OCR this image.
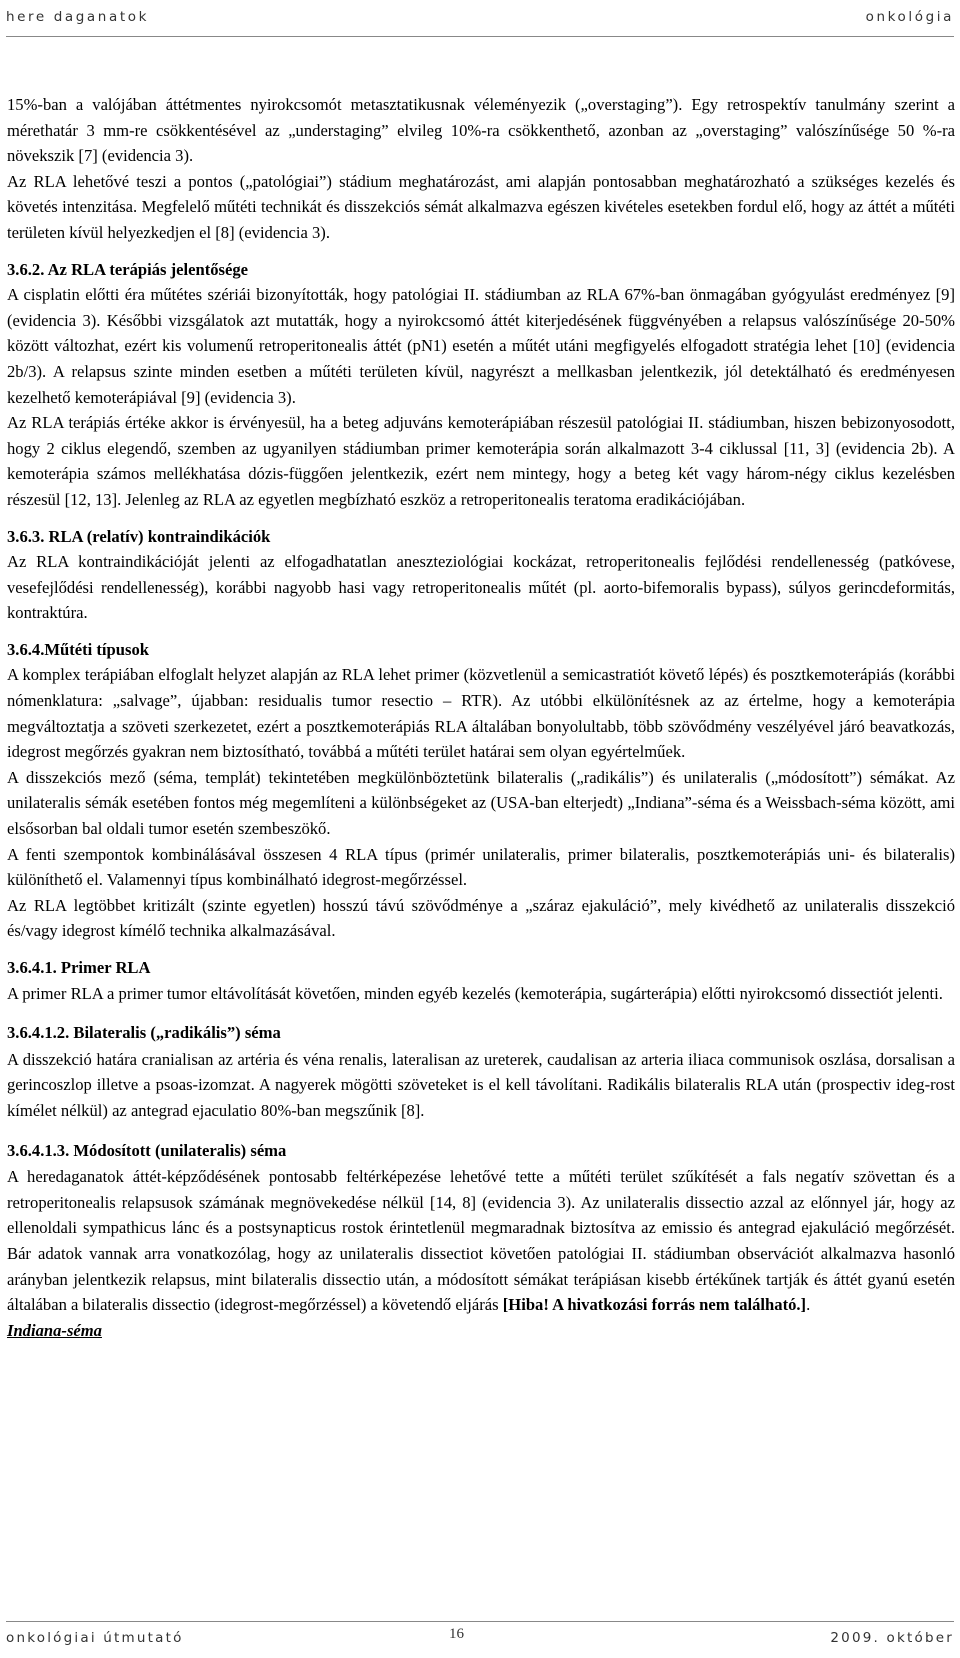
here daganatok	onkológia

15%-ban a valójában áttétmentes nyirokcsomót metasztatikusnak véleményezik („overstaging”). Egy retrospektív tanulmány szerint a mérethatár 3 mm-re csökkentésével az „understaging” elvileg 10%-ra csökkenthető, azonban az „overstaging” valószínűsége 50 %-ra növekszik [7] (evidencia 3).

Az RLA lehetővé teszi a pontos („patológiai”) stádium meghatározást, ami alapján pontosabban meghatározható a szükséges kezelés és követés intenzitása. Megfelelő műtéti technikát és disszekciós sémát alkalmazva egészen kivételes esetekben fordul elő, hogy az áttét a műtéti területen kívül helyezkedjen el [8] (evidencia 3).

3.6.2. Az RLA terápiás jelentősége

A cisplatin előtti éra műtétes szériái bizonyították, hogy patológiai II. stádiumban az RLA 67%-ban önmagában gyógyulást eredményez [9] (evidencia 3). Későbbi vizsgálatok azt mutatták, hogy a nyirokcsomó áttét kiterjedésének függvényében a relapsus valószínűsége 20-50% között változhat, ezért kis volumenű retroperitonealis áttét (pN1) esetén a műtét utáni megfigyelés elfogadott stratégia lehet [10] (evidencia 2b/3). A relapsus szinte minden esetben a műtéti területen kívül, nagyrészt a mellkasban jelentkezik, jól detektálható és eredményesen kezelhető kemoterápiával [9] (evidencia 3).

Az RLA terápiás értéke akkor is érvényesül, ha a beteg adjuváns kemoterápiában részesül patológiai II. stádiumban, hiszen bebizonyosodott, hogy 2 ciklus elegendő, szemben az ugyanilyen stádiumban primer kemoterápia során alkalmazott 3-4 ciklussal [11, 3] (evidencia 2b). A kemoterápia számos mellékhatása dózis-függően jelentkezik, ezért nem mintegy, hogy a beteg két vagy három-négy ciklus kezelésben részesül [12, 13]. Jelenleg az RLA az egyetlen megbízható eszköz a retroperitonealis teratoma eradikációjában.

3.6.3. RLA (relatív) kontraindikációk

Az RLA kontraindikációját jelenti az elfogadhatatlan aneszteziológiai kockázat, retroperitonealis fejlődési rendellenesség (patkóvese, vesefejlődési rendellenesség), korábbi nagyobb hasi vagy retroperitonealis műtét (pl. aorto-bifemoralis bypass), súlyos gerincdeformitás, kontraktúra.

3.6.4.Műtéti típusok

A komplex terápiában elfoglalt helyzet alapján az RLA lehet primer (közvetlenül a semicastratiót követő lépés) és posztkemoterápiás (korábbi nómenklatura: „salvage”, újabban: residualis tumor resectio – RTR). Az utóbbi elkülönítésnek az az értelme, hogy a kemoterápia megváltoztatja a szöveti szerkezetet, ezért a posztkemoterápiás RLA általában bonyolultabb, több szövődmény veszélyével járó beavatkozás, idegrost megőrzés gyakran nem biztosítható, továbbá a műtéti terület határai sem olyan egyértelműek.

A disszekciós mező (séma, templát) tekintetében megkülönböztetünk bilateralis („radikális”) és unilateralis („módosított”) sémákat. Az unilateralis sémák esetében fontos még megemlíteni a különbségeket az (USA-ban elterjedt) „Indiana”-séma és a Weissbach-séma között, ami elsősorban bal oldali tumor esetén szembeszökő.

A fenti szempontok kombinálásával összesen 4 RLA típus (primér unilateralis, primer bilateralis, posztkemoterápiás uni- és bilateralis) különíthető el. Valamennyi típus kombinálható idegrost-megőrzéssel.

Az RLA legtöbbet kritizált (szinte egyetlen) hosszú távú szövődménye a „száraz ejakuláció”, mely kivédhető az unilateralis disszekció és/vagy idegrost kímélő technika alkalmazásával.

3.6.4.1. Primer RLA

A primer RLA a primer tumor eltávolítását követően, minden egyéb kezelés (kemoterápia, sugárterápia) előtti nyirokcsomó dissectiót jelenti.

3.6.4.1.2. Bilateralis („radikális”) séma

A disszekció határa cranialisan az artéria és véna renalis, lateralisan az ureterek, caudalisan az arteria iliaca communisok oszlása, dorsalisan a gerincoszlop illetve a psoas-izomzat. A nagyerek mögötti szöveteket is el kell távolítani. Radikális bilateralis RLA után (prospectiv ideg-rost kímélet nélkül) az antegrad ejaculatio 80%-ban megszűnik [8].

3.6.4.1.3. Módosított (unilateralis) séma

A heredaganatok áttét-képződésének pontosabb feltérképezése lehetővé tette a műtéti terület szűkítését a fals negatív szövettan és a retroperitonealis relapsusok számának megnövekedése nélkül [14, 8] (evidencia 3). Az unilateralis dissectio azzal az előnnyel jár, hogy az ellenoldali sympathicus lánc és a postsynapticus rostok érintetlenül megmaradnak biztosítva az emissio és antegrad ejakuláció megőrzését. Bár adatok vannak arra vonatkozólag, hogy az unilateralis dissectiot követően patológiai II. stádiumban observációt alkalmazva hasonló arányban jelentkezik relapsus, mint bilateralis dissectio után, a módosított sémákat terápiásan kisebb értékűnek tartják és áttét gyanú esetén általában a bilateralis dissectio (idegrost-megőrzéssel) a követendő eljárás [Hiba! A hivatkozási forrás nem található.].

Indiana-séma

onkológiai útmutató	16	2009. október
